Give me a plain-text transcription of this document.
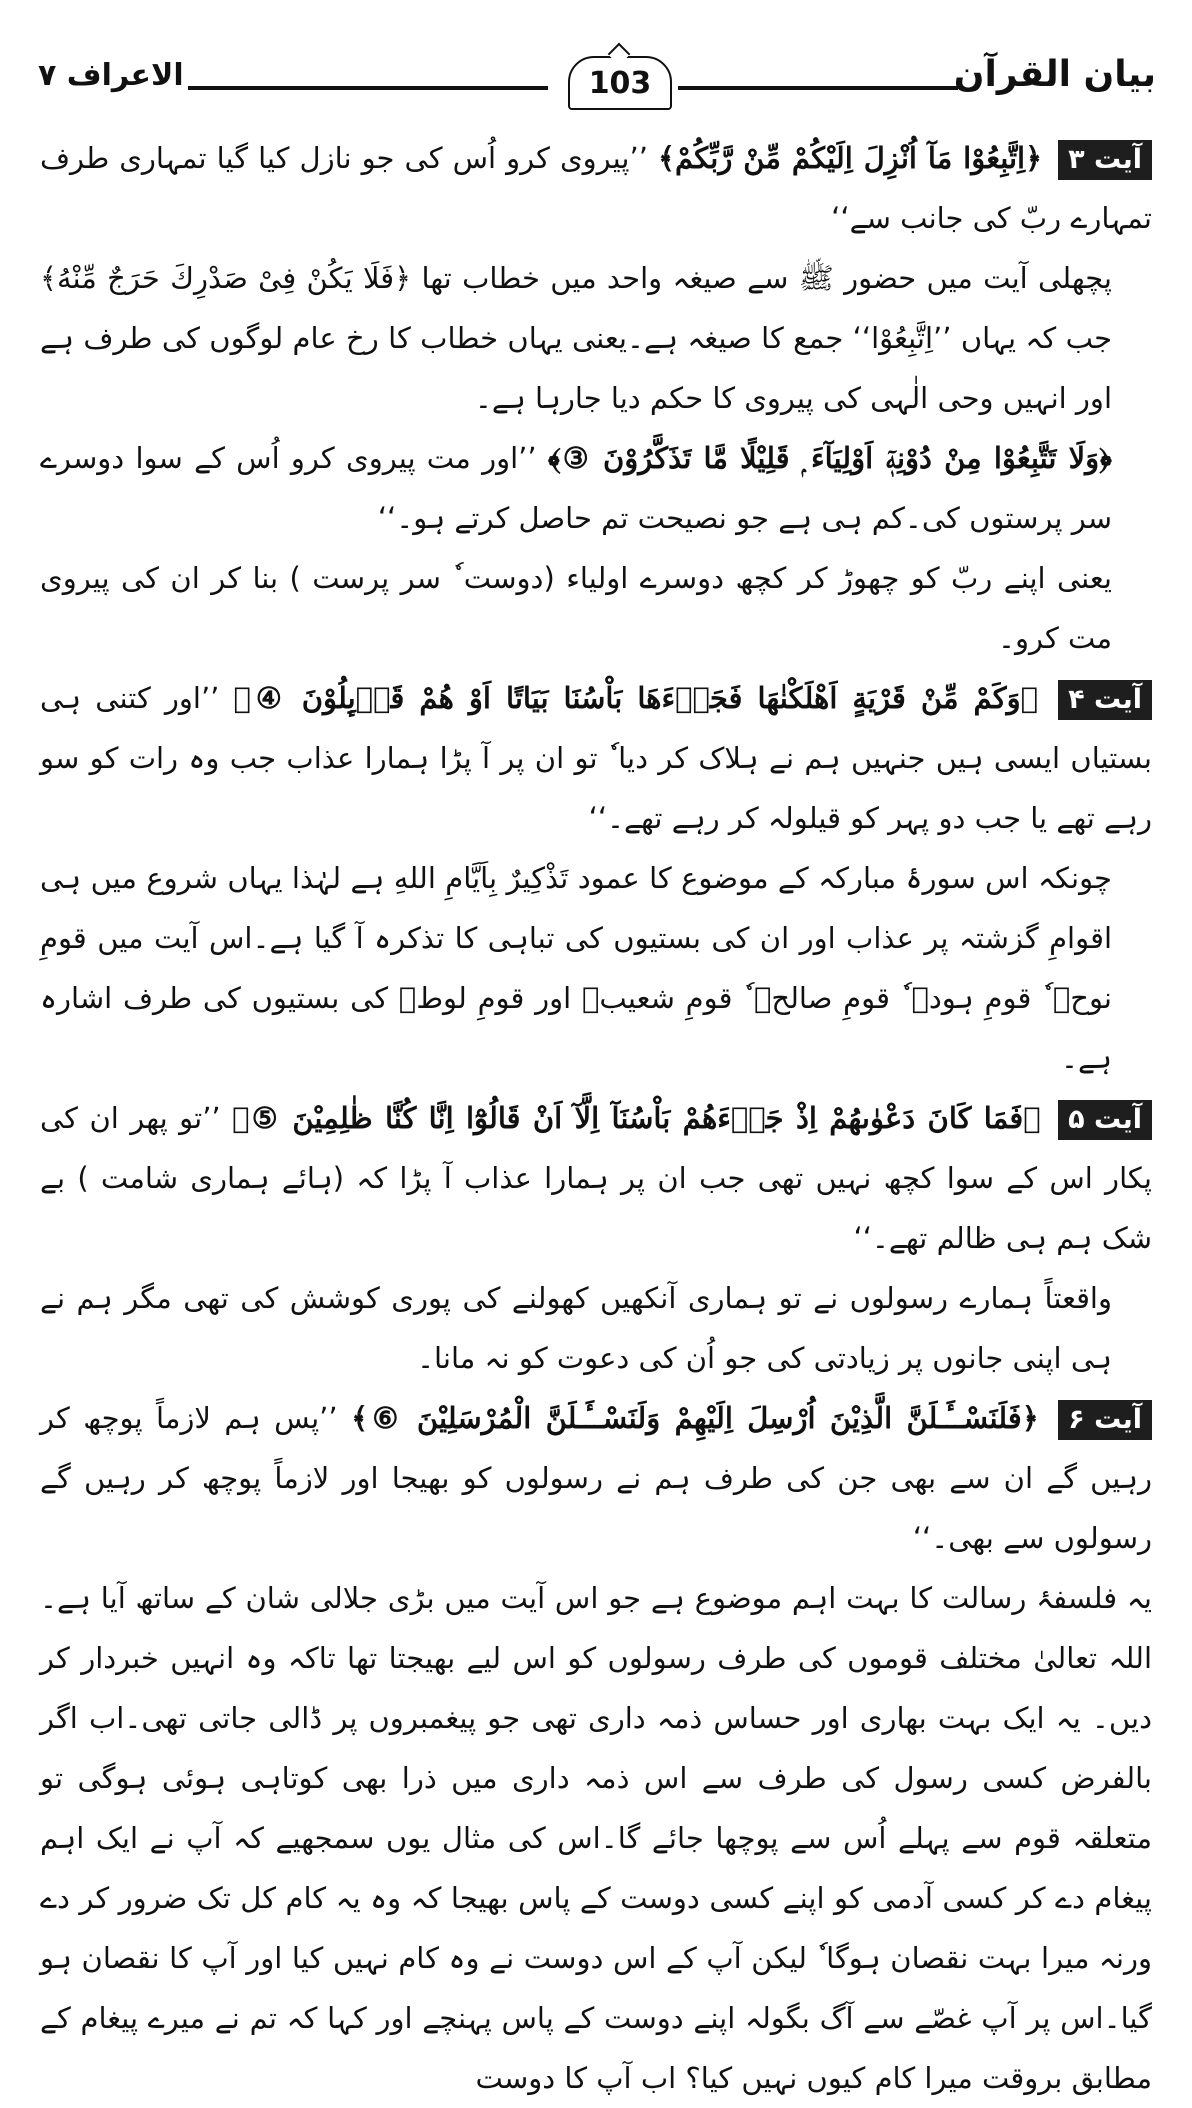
الاعراف ۷	103	بیان القرآن

آیت ۳ ﴿اِتَّبِعُوْا مَآ اُنْزِلَ اِلَیْكُمْ مِّنْ رَّبِّكُمْ﴾ ’’پیروی کرو اُس کی جو نازل کیا گیا تمہاری طرف تمہارے ربّ کی جانب سے‘‘

پچھلی آیت میں حضور ﷺ سے صیغہ واحد میں خطاب تھا ﴿فَلَا یَكُنْ فِیْ صَدْرِكَ حَرَجٌ مِّنْهُ﴾ جب کہ یہاں ’’اِتَّبِعُوْا‘‘ جمع کا صیغہ ہے۔یعنی یہاں خطاب کا رخ عام لوگوں کی طرف ہے اور انہیں وحی الٰہی کی پیروی کا حکم دیا جارہا ہے۔

﴿وَلَا تَتَّبِعُوْا مِنْ دُوْنِهٖٓ اَوْلِيَآءَ ۭ قَلِيْلًا مَّا تَذَكَّرُوْنَ ③﴾ ’’اور مت پیروی کرو اُس کے سوا دوسرے سر پرستوں کی۔کم ہی ہے جو نصیحت تم حاصل کرتے ہو۔‘‘

یعنی اپنے ربّ کو چھوڑ کر کچھ دوسرے اولیاء (دوست ٗ سر پرست ) بنا کر ان کی پیروی مت کرو۔

آیت ۴ ﴿وَكَمْ مِّنْ قَرْيَةٍ اَهْلَكْنٰهَا فَجَاۗءَهَا بَاْسُنَا بَيَاتًا اَوْ هُمْ قَاۗىِٕلُوْنَ ④﴾ ’’اور کتنی ہی بستیاں ایسی ہیں جنہیں ہم نے ہلاک کر دیا ٗ تو ان پر آ پڑا ہمارا عذاب جب وہ رات کو سو رہے تھے یا جب دو پہر کو قیلولہ کر رہے تھے۔‘‘

چونکہ اس سورۂ مبارکہ کے موضوع کا عمود تَذْكِيرٌ بِاَيَّامِ اللهِ ہے لہٰذا یہاں شروع میں ہی اقوامِ گزشتہ پر عذاب اور ان کی بستیوں کی تباہی کا تذکرہ آ گیا ہے۔اس آیت میں قومِ نوحؑ ٗ قومِ ہودؑ ٗ قومِ صالحؑ ٗ قومِ شعیبؑ اور قومِ لوطؑ کی بستیوں کی طرف اشارہ ہے۔

آیت ۵ ﴿فَمَا كَانَ دَعْوٰىهُمْ اِذْ جَاۗءَهُمْ بَاْسُنَآ اِلَّآ اَنْ قَالُوْٓا اِنَّا كُنَّا ظٰلِمِيْنَ ⑤﴾ ’’تو پھر ان کی پکار اس کے سوا کچھ نہیں تھی جب ان پر ہمارا عذاب آ پڑا کہ (ہائے ہماری شامت ) بے شک ہم ہی ظالم تھے۔‘‘

واقعتاً ہمارے رسولوں نے تو ہماری آنکھیں کھولنے کی پوری کوشش کی تھی مگر ہم نے ہی اپنی جانوں پر زیادتی کی جو اُن کی دعوت کو نہ مانا۔

آیت ۶ ﴿فَلَنَسْــَٔـلَنَّ الَّذِيْنَ اُرْسِلَ اِلَيْهِمْ وَلَنَسْــَٔـلَنَّ الْمُرْسَلِيْنَ ⑥﴾ ’’پس ہم لازماً پوچھ کر رہیں گے ان سے بھی جن کی طرف ہم نے رسولوں کو بھیجا اور لازماً پوچھ کر رہیں گے رسولوں سے بھی۔‘‘

یہ فلسفۂ رسالت کا بہت اہم موضوع ہے جو اس آیت میں بڑی جلالی شان کے ساتھ آیا ہے۔ اللہ تعالیٰ مختلف قوموں کی طرف رسولوں کو اس لیے بھیجتا تھا تاکہ وہ انہیں خبردار کر دیں۔ یہ ایک بہت بھاری اور حساس ذمہ داری تھی جو پیغمبروں پر ڈالی جاتی تھی۔اب اگر بالفرض کسی رسول کی طرف سے اس ذمہ داری میں ذرا بھی کوتاہی ہوئی ہوگی تو متعلقہ قوم سے پہلے اُس سے پوچھا جائے گا۔اس کی مثال یوں سمجھیے کہ آپ نے ایک اہم پیغام دے کر کسی آدمی کو اپنے کسی دوست کے پاس بھیجا کہ وہ یہ کام کل تک ضرور کر دے ورنہ میرا بہت نقصان ہوگا ٗ لیکن آپ کے اس دوست نے وہ کام نہیں کیا اور آپ کا نقصان ہو گیا۔اس پر آپ غصّے سے آگ بگولہ اپنے دوست کے پاس پہنچے اور کہا کہ تم نے میرے پیغام کے مطابق بروقت میرا کام کیوں نہیں کیا؟ اب آپ کا دوست
